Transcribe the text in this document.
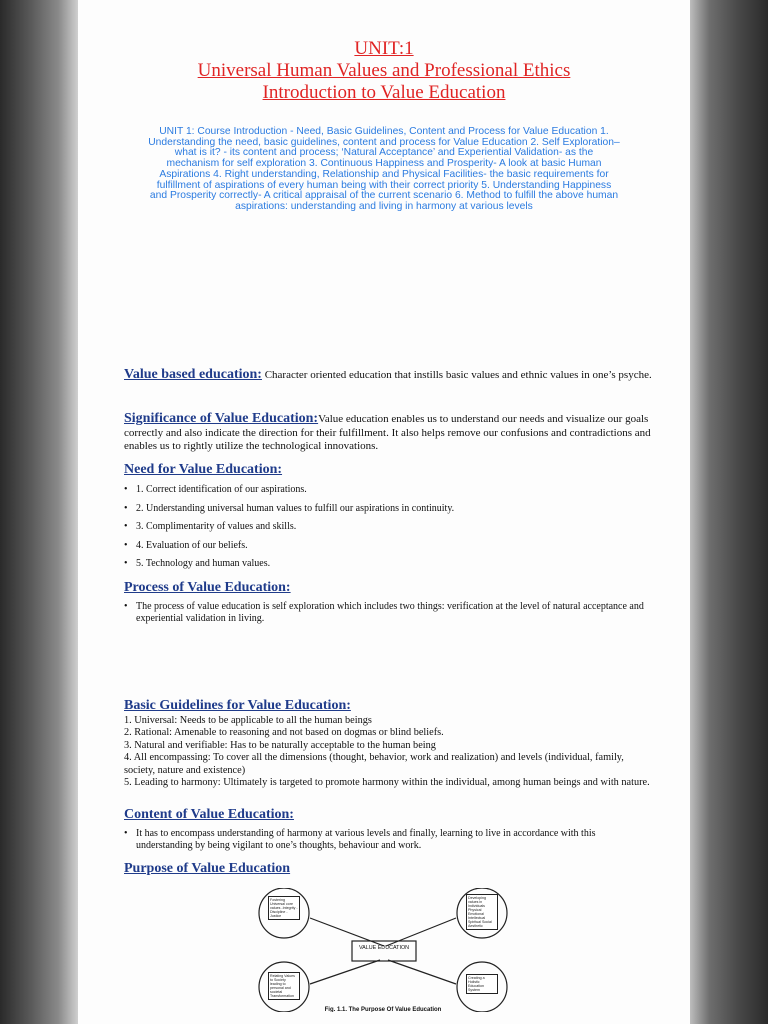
UNIT:1
Universal Human Values and Professional Ethics
Introduction to Value Education
UNIT 1: Course Introduction - Need, Basic Guidelines, Content and Process for Value Education 1. Understanding the need, basic guidelines, content and process for Value Education 2. Self Exploration–what is it? - its content and process; ‘Natural Acceptance’ and Experiential Validation- as the mechanism for self exploration 3. Continuous Happiness and Prosperity- A look at basic Human Aspirations 4. Right understanding, Relationship and Physical Facilities- the basic requirements for fulfillment of aspirations of every human being with their correct priority 5. Understanding Happiness and Prosperity correctly- A critical appraisal of the current scenario 6. Method to fulfill the above human aspirations: understanding and living in harmony at various levels
Value based education: Character oriented education that instills basic values and ethnic values in one’s psyche.
Significance of Value Education:Value education enables us to understand our needs and visualize our goals correctly and also indicate the direction for their fulfillment. It also helps remove our confusions and contradictions and enables us to rightly utilize the technological innovations.
Need for Value Education:
• 1. Correct identification of our aspirations.
• 2. Understanding universal human values to fulfill our aspirations in continuity.
• 3. Complimentarity of values and skills.
• 4. Evaluation of our beliefs.
• 5. Technology and human values.
Process of Value Education:
• The process of value education is self exploration which includes two things: verification at the level of natural acceptance and experiential validation in living.
Basic Guidelines for Value Education:
1. Universal: Needs to be applicable to all the human beings
2. Rational: Amenable to reasoning and not based on dogmas or blind beliefs.
3. Natural and verifiable: Has to be naturally acceptable to the human being
4. All encompassing: To cover all the dimensions (thought, behavior, work and realization) and levels (individual, family, society, nature and existence)
5. Leading to harmony: Ultimately is targeted to promote harmony within the individual, among human beings and with nature.
Content of Value Education:
• It has to encompass understanding of harmony at various levels and finally, learning to live in accordance with this understanding by being vigilant to one’s thoughts, behaviour and work.
Purpose of Value Education
VALUE EDUCATION
Fostering Universal core values -Integrity -Discipline -Justice
Developing values in Individuals Physical Emotional Intellectual Spiritual Social Aesthetic
Relating Values to Society leading to personal and societal Transformation
Creating a Holistic Education System
Fig. 1.1. The Purpose Of Value Education
